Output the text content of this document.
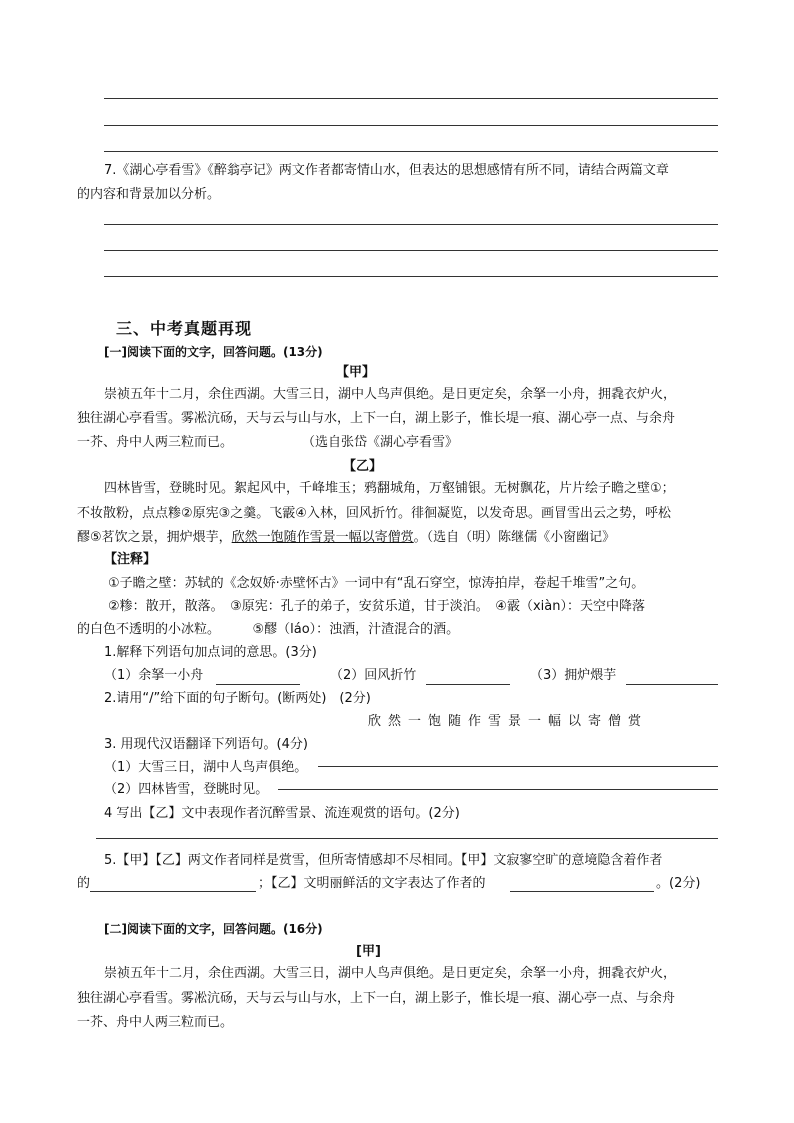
7.《湖心亭看雪》《醉翁亭记》两文作者都寄情山水，但表达的思想感情有所不同，请结合两篇文章
的内容和背景加以分析。
三、中考真题再现
[一]阅读下面的文字，回答问题。(13分)
【甲】
崇祯五年十二月，余住西湖。大雪三日，湖中人鸟声俱绝。是日更定矣，余拏一小舟，拥毳衣炉火，
独往湖心亭看雪。雾凇沆砀，天与云与山与水，上下一白，湖上影子，惟长堤一痕、湖心亭一点、与余舟
一芥、舟中人两三粒而已。	（选自张岱《湖心亭看雪》
【乙】
四林皆雪，登眺时见。絮起风中，千峰堆玉；鸦翻城角，万壑铺银。无树飘花，片片绘子瞻之壁①；
不妆散粉，点点糁②原宪③之羹。飞霰④入林，回风折竹。徘徊凝览，以发奇思。画冒雪出云之势，呼松
醪⑤茗饮之景，拥炉煨芋，欣然一饱随作雪景一幅以寄僧赏。（选自（明）陈继儒《小窗幽记》
【注释】
①子瞻之壁：苏轼的《念奴娇·赤壁怀古》一词中有“乱石穿空，惊涛拍岸，卷起千堆雪”之句。
②糁：散开，散落。　③原宪：孔子的弟子，安贫乐道，甘于淡泊。　④霰（xiàn）：天空中降落
的白色不透明的小冰粒。　　　⑤醪（láo）：浊酒，汁渣混合的酒。
1.解释下列语句加点词的意思。(3分)
（1）余拏一小舟	（2）回风折竹	（3）拥炉煨芋
2.请用“/”给下面的句子断句。(断两处)　(2分)
欣然一饱随作雪景一幅以寄僧赏
3. 用现代汉语翻译下列语句。(4分)
（1）大雪三日，湖中人鸟声俱绝。
（2）四林皆雪，登眺时见。
4 写出【乙】文中表现作者沉醉雪景、流连观赏的语句。(2分)
5.【甲】【乙】两文作者同样是赏雪，但所寄情感却不尽相同。【甲】文寂寥空旷的意境隐含着作者
的	；【乙】文明丽鲜活的文字表达了作者的	。(2分)
[二]阅读下面的文字，回答问题。(16分)
[甲]
崇祯五年十二月，余住西湖。大雪三日，湖中人鸟声俱绝。是日更定矣，余拏一小舟，拥毳衣炉火，
独往湖心亭看雪。雾凇沆砀，天与云与山与水，上下一白，湖上影子，惟长堤一痕、湖心亭一点、与余舟
一芥、舟中人两三粒而已。
